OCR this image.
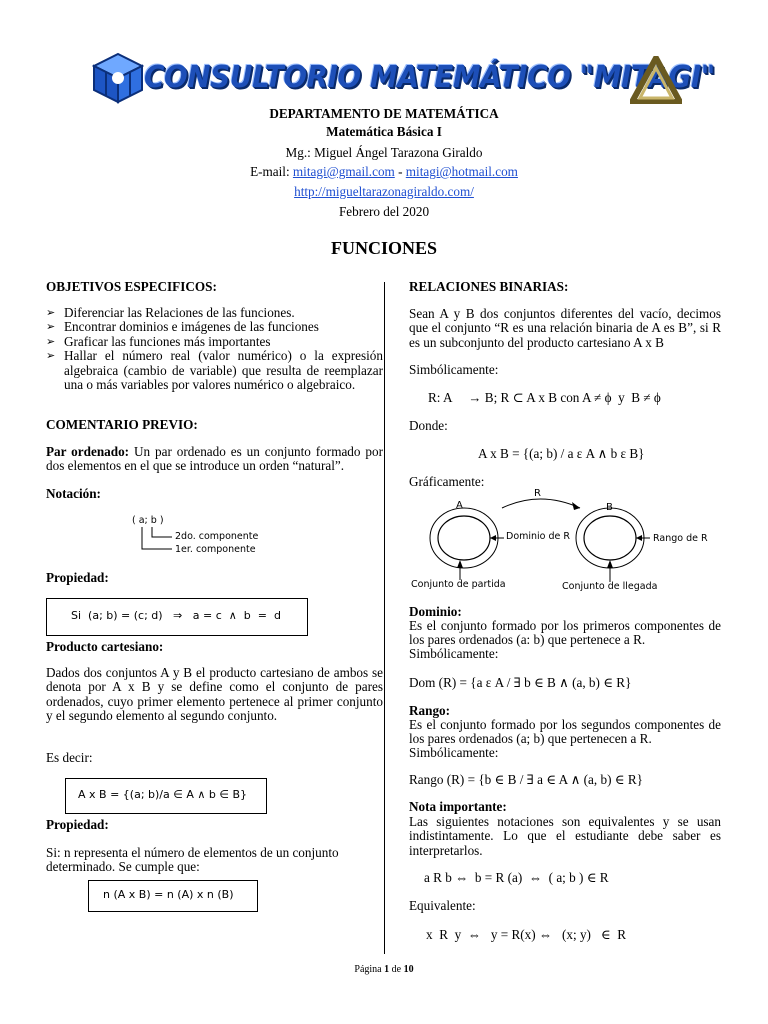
CONSULTORIO MATEMÁTICO "MITAGI"
DEPARTAMENTO DE MATEMÁTICA
Matemática Básica I
Mg.: Miguel Ángel Tarazona Giraldo
E-mail: mitagi@gmail.com - mitagi@hotmail.com
http://migueltarazonagiraldo.com/
Febrero del 2020
FUNCIONES
OBJETIVOS ESPECIFICOS:
➢ Diferenciar las Relaciones de las funciones.
➢ Encontrar dominios e imágenes de las funciones
➢ Graficar las funciones más importantes
➢ Hallar el número real (valor numérico) o la expresión algebraica (cambio de variable) que resulta de reemplazar una o más variables por valores numérico o algebraico.
COMENTARIO PREVIO:
Par ordenado: Un par ordenado es un conjunto formado por dos elementos en el que se introduce un orden “natural”.
Notación:
( a; b )
2do. componente
1er. componente
Propiedad:
Si  (a; b) = (c; d)   ⇒   a = c  ∧  b  =  d
Producto cartesiano:
Dados dos conjuntos A y B el producto cartesiano de ambos se denota por A x B y se define como el conjunto de pares ordenados, cuyo primer elemento pertenece al primer conjunto y el segundo elemento al segundo conjunto.
Es decir:
A x B = {(a; b)/a ∈ A ∧ b ∈ B}
Propiedad:
Si: n representa el número de elementos de un conjunto determinado. Se cumple que:
n (A x B) = n (A) x n (B)
RELACIONES BINARIAS:
Sean A y B dos conjuntos diferentes del vacío, decimos que el conjunto “R es una relación binaria de A es B”, si R es un subconjunto del producto cartesiano A x B
Simbólicamente:
R: A     → B; R ⊂ A x B con A ≠ ϕ  y  B ≠ ϕ
Donde:
A x B = {(a; b) / a ε A ∧ b ε B}
Gráficamente:
A
R
B
Dominio de R	Rango de R
Conjunto de partida	Conjunto de llegada
Dominio:
Es el conjunto formado por los primeros componentes de los pares ordenados (a: b) que pertenece a R.
Simbólicamente:
Dom (R) = {a ε A / ∃ b ∈ B ∧ (a, b) ∈ R}
Rango:
Es el conjunto formado por los segundos componentes de los pares ordenados (a; b) que pertenecen a R.
Simbólicamente:
Rango (R) = {b ∈ B / ∃ a ∈ A ∧ (a, b) ∈ R}
Nota importante:
Las siguientes notaciones son equivalentes y se usan indistintamente. Lo que el estudiante debe saber es interpretarlos.
a R b ⇔  b = R (a)  ⇔  ( a; b ) ∈ R
Equivalente:
x  R  y  ⇔   y = R(x) ⇔   (x; y)   ∈  R
Página 1 de 10
